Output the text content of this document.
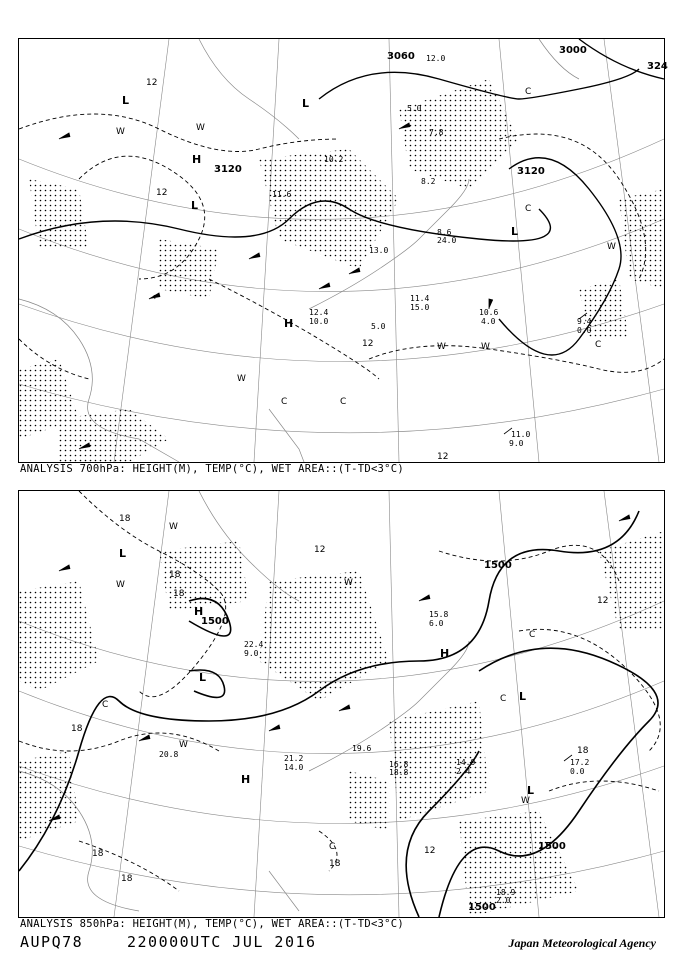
3060
3000
3120	3120
324
12
12
12
12
L	L
L
L
H
H
W	W
W	W
W
W
C
C
C	C
C
12.0
5.0
10.6
4.0
11.0
9.0
9.4
0.0
11.4
15.0
7.8
5.0
8.6
24.0
10.2
8.2
13.0
11.6
12.4
10.0
ANALYSIS 700hPa: HEIGHT(M), TEMP(°C), WET AREA::(T-TD<3°C)
1500
1500
1500
1500
18
18
18
18
18
18
18
12
12
12
18
L
H
L
H
L
L
H
W
W
W
W
C
C
C
C
W
20.8
16.8
19.6
18.8
14.9
2.4
17.2
0.0
18.9
2.0
22.4
9.0
21.2
14.0
15.8
6.0
ANALYSIS 850hPa: HEIGHT(M), TEMP(°C), WET AREA::(T-TD<3°C)
AUPQ78	220000UTC JUL 2016	Japan Meteorological Agency
